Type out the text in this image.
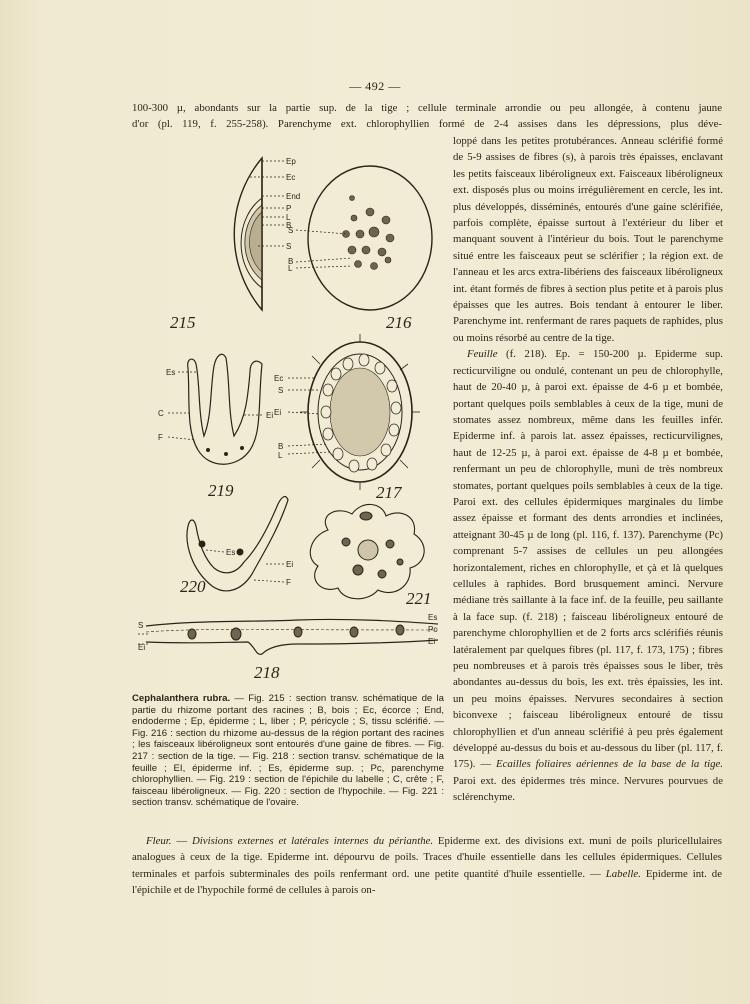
— 492 —

100-300 µ, abondants sur la partie sup. de la tige ; cellule terminale arrondie ou peu allongée, à contenu jaune

d'or (pl. 119, f. 255-258). Parenchyme ext. chlorophyllien formé de 2-4 assises dans les dépressions, plus déve-

loppé dans les petites protubérances. Anneau sclérifié formé de 5-9 assises de fibres (s), à parois très épaisses, enclavant les petits faisceaux libéroligneux ext. Faisceaux libéroligneux ext. disposés plus ou moins irrégulièrement en cercle, les int. plus développés, disséminés, entourés d'une gaine sclérifiée, parfois complète, épaisse surtout à l'extérieur du liber et manquant souvent à l'intérieur du bois. Tout le parenchyme situé entre les faisceaux peut se sclérifier ; la région ext. de l'anneau et les arcs extra-libériens des faisceaux libéroligneux int. étant formés de fibres à section plus petite et à parois plus épaisses que les autres. Bois tendant à entourer le liber. Parenchyme int. renfermant de rares paquets de raphides, plus ou moins résorbé au centre de la tige.

Feuille (f. 218). Ep. = 150-200 µ. Epiderme sup. recticurviligne ou ondulé, contenant un peu de chlorophylle, haut de 20-40 µ, à paroi ext. épaisse de 4-6 µ et bombée, portant quelques poils semblables à ceux de la tige, muni de stomates assez nombreux, même dans les feuilles infér. Epiderme inf. à parois lat. assez épaisses, recticurvilignes, haut de 12-25 µ, à paroi ext. épaisse de 4-8 µ et bombée, renfermant un peu de chlorophylle, muni de très nombreux stomates, portant quelques poils semblables à ceux de la tige. Paroi ext. des cellules épidermiques marginales du limbe assez épaisse et formant des dents arrondies et inclinées, atteignant 30-45 µ de long (pl. 116, f. 137). Parenchyme (Pc) comprenant 5-7 assises de cellules un peu allongées horizontalement, riches en chlorophylle, et çà et là quelques cellules à raphides. Bord brusquement aminci. Nervure médiane très saillante à la face inf. de la feuille, peu saillante à la face sup. (f. 218) ; faisceau libéroligneux entouré de parenchyme chlorophyllien et de 2 forts arcs sclérifiés réunis latéralement par quelques fibres (pl. 117, f. 173, 175) ; fibres peu nombreuses et à parois très épaisses sous le liber, très abondantes au-dessus du bois, les ext. très épaissies, les int. un peu moins épaisses. Nervures secondaires à section biconvexe ; faisceau libéroligneux entouré de tissu chlorophyllien et d'un anneau sclérifié à peu près également développé au-dessus du bois et au-dessous du liber (pl. 117, f. 175). — Ecailles foliaires aériennes de la base de la tige. Paroi ext. des épidermes très mince. Nervures pourvues de sclérenchyme.

215	216
219	217
220
221
218
Ep
Ec
End
P
L
B
S
S
B
L
Es
C	Ei
F
Ec
S
Ei
B
L
Es
Ei
F
S
Ei
Es
Pc
Ei
Cephalanthera rubra. — Fig. 215 : section transv. schématique de la partie du rhizome portant des racines ; B, bois ; Ec, écorce ; End, endoderme ; Ep, épiderme ; L, liber ; P, péricycle ; S, tissu sclérifié. — Fig. 216 : section du rhizome au-dessus de la région portant des racines ; les faisceaux libéroligneux sont entourés d'une gaine de fibres. — Fig. 217 : section de la tige. — Fig. 218 : section transv. schématique de la feuille ; EI, épiderme inf. ; Es, épiderme sup. ; Pc, parenchyme chlorophyllien. — Fig. 219 : section de l'épichile du labelle ; C, crête ; F, faisceau libéroligneux. — Fig. 220 : section de l'hypochile. — Fig. 221 : section transv. schématique de l'ovaire.

Fleur. — Divisions externes et latérales internes du périanthe. Epiderme ext. des divisions ext. muni de poils pluricellulaires analogues à ceux de la tige. Epiderme int. dépourvu de poils. Traces d'huile essentielle dans les cellules épidermiques. Cellules terminales et parfois subterminales des poils renfermant ord. une petite quantité d'huile essentielle. — Labelle. Epiderme int. de l'épichile et de l'hypochile formé de cellules à parois on-
